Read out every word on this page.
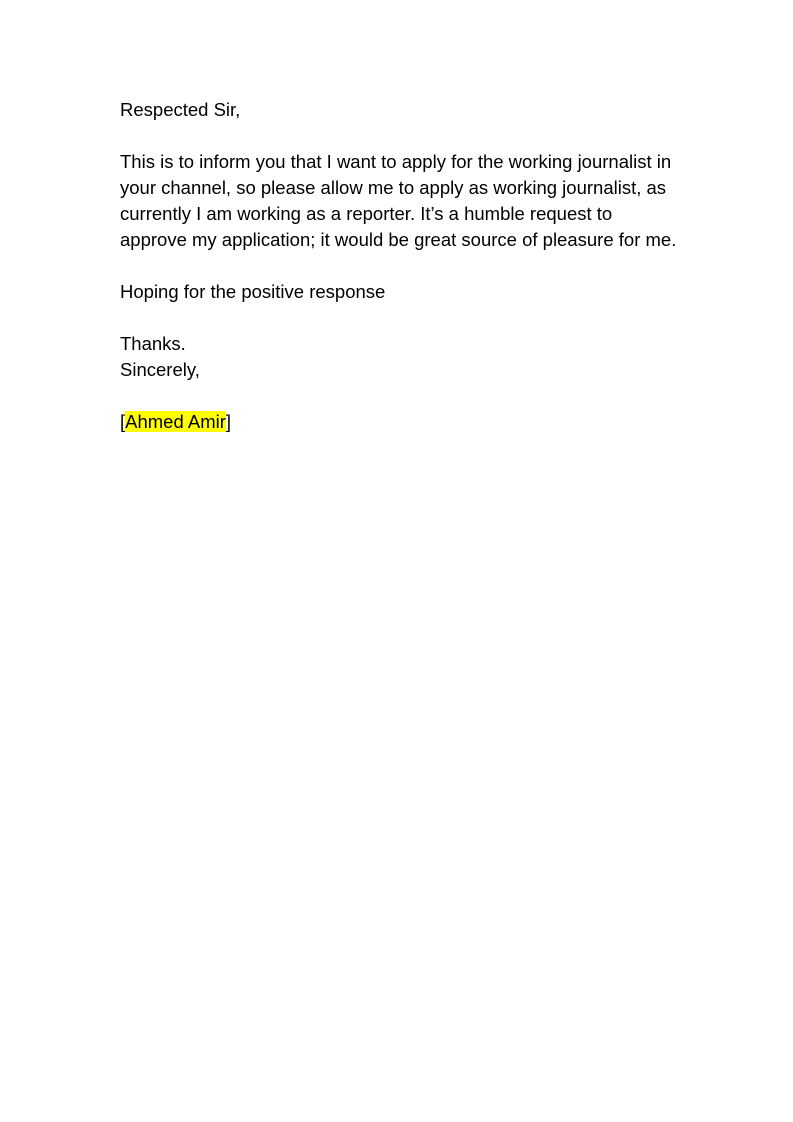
Respected Sir,

This is to inform you that I want to apply for the working journalist in your channel, so please allow me to apply as working journalist, as currently I am working as a reporter. It’s a humble request to approve my application; it would be great source of pleasure for me.

Hoping for the positive response

Thanks.

Sincerely,

[Ahmed Amir]
